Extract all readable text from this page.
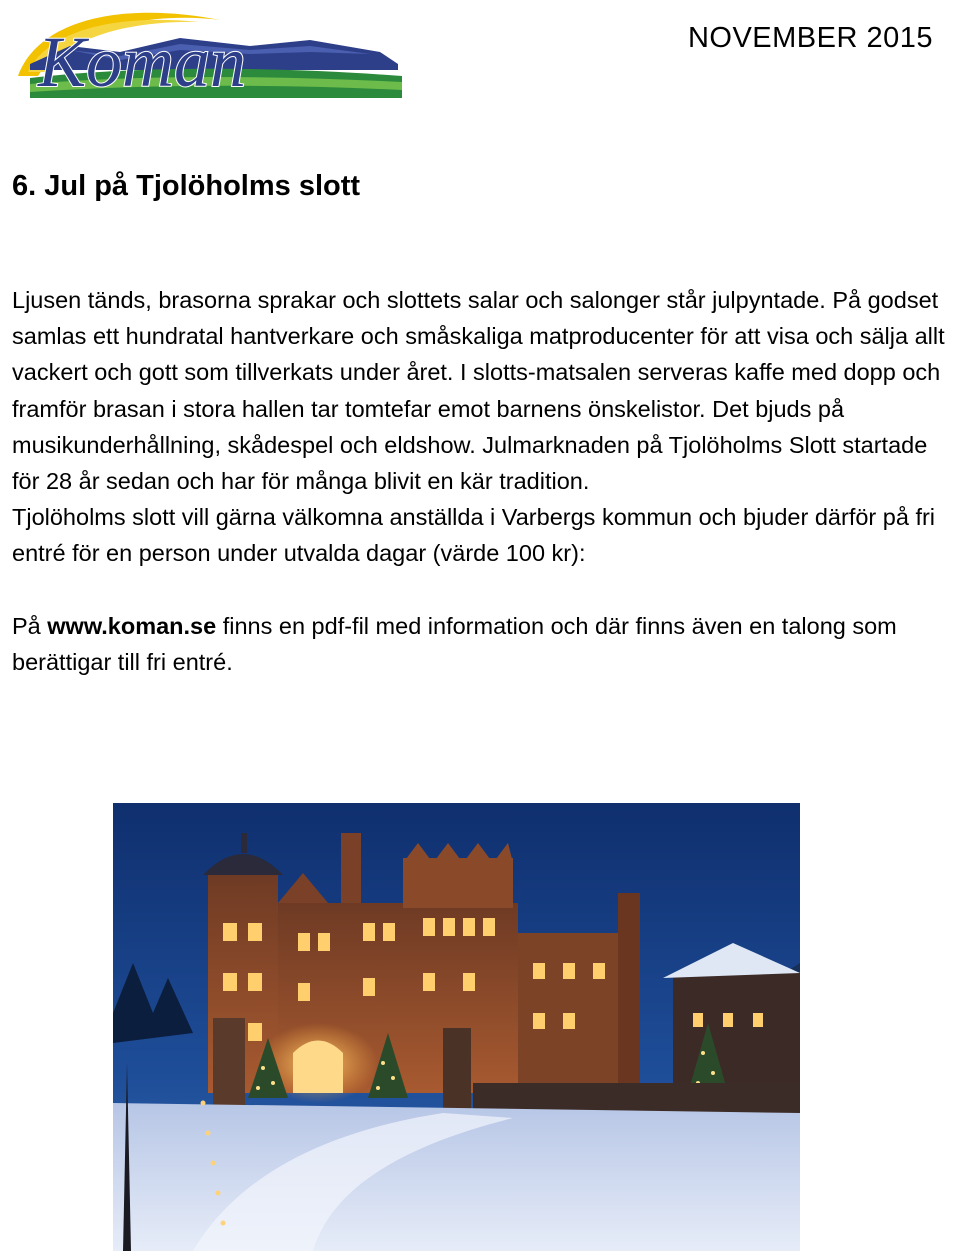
Koman	NOVEMBER 2015
6. Jul på Tjolöholms slott

Ljusen tänds, brasorna sprakar och slottets salar och salonger står julpyntade. På godset samlas ett hundratal hantverkare och småskaliga matproducenter för att visa och sälja allt vackert och gott som tillverkats under året. I slotts-matsalen serveras kaffe med dopp och framför brasan i stora hallen tar tomtefar emot barnens önskelistor. Det bjuds på musikunderhållning, skådespel och eldshow. Julmarknaden på Tjolöholms Slott startade för 28 år sedan och har för många blivit en kär tradition.

Tjolöholms slott vill gärna välkomna anställda i Varbergs kommun och bjuder därför på fri entré för en person under utvalda dagar (värde 100 kr):

På www.koman.se finns en pdf-fil med information och där finns även en talong som berättigar till fri entré.
